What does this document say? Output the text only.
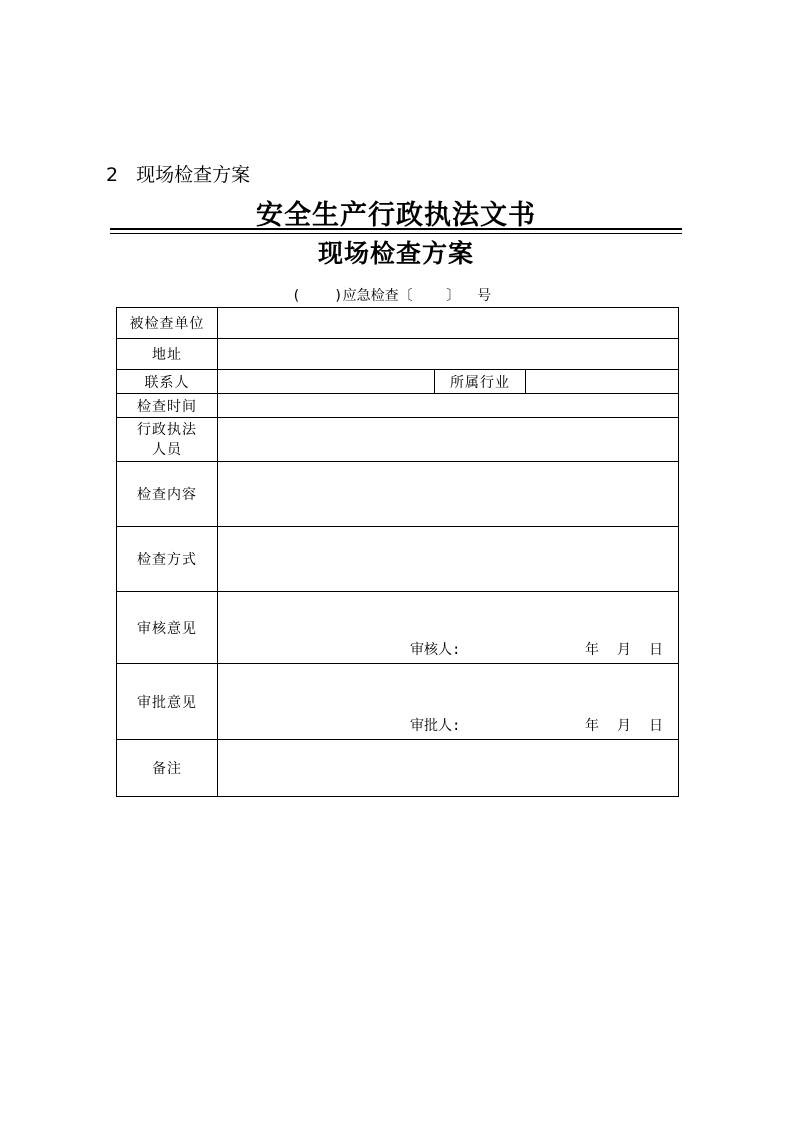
2 现场检查方案
安全生产行政执法文书
现场检查方案
(    )应急检查〔    〕  号
被检查单位			
地址			
联系人		所属行业	
检查时间			

行政执法
人员			

检查内容			
检查方式			
审核意见	审核人: 年 月 日		

审批意见	审批人: 年 月 日		

备注			
